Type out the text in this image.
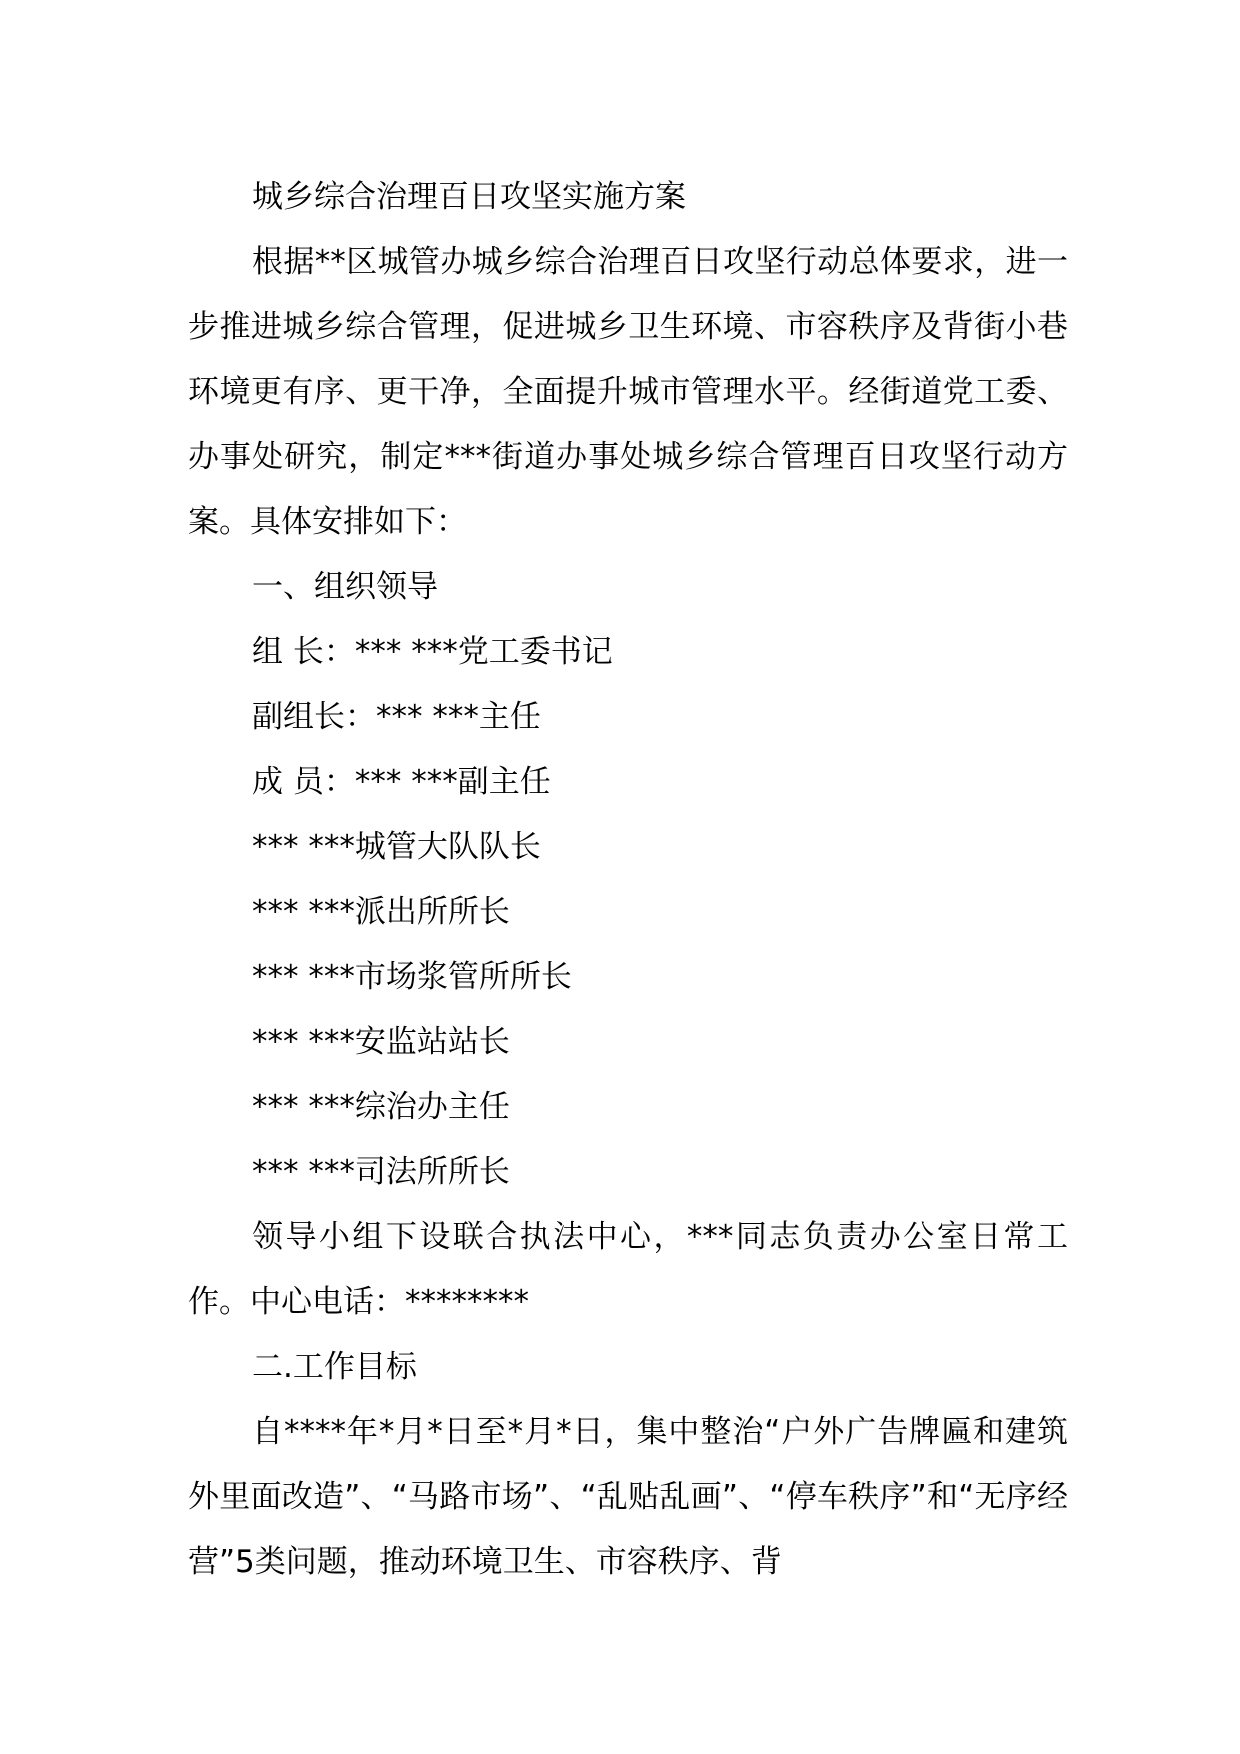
城乡综合治理百日攻坚实施方案

根据**区城管办城乡综合治理百日攻坚行动总体要求，进一步推进城乡综合管理，促进城乡卫生环境、市容秩序及背街小巷环境更有序、更干净，全面提升城市管理水平。经街道党工委、办事处研究，制定***街道办事处城乡综合管理百日攻坚行动方案。具体安排如下：

一、组织领导

组 长：*** ***党工委书记

副组长：*** ***主任

成 员：*** ***副主任

*** ***城管大队队长

*** ***派出所所长

*** ***市场浆管所所长

*** ***安监站站长

*** ***综治办主任

*** ***司法所所长

领导小组下设联合执法中心，***同志负责办公室日常工作。中心电话：********

二.工作目标

自****年*月*日至*月*日，集中整治“户外广告牌匾和建筑外里面改造”、“马路市场”、“乱贴乱画”、“停车秩序”和“无序经营”5类问题，推动环境卫生、市容秩序、背
